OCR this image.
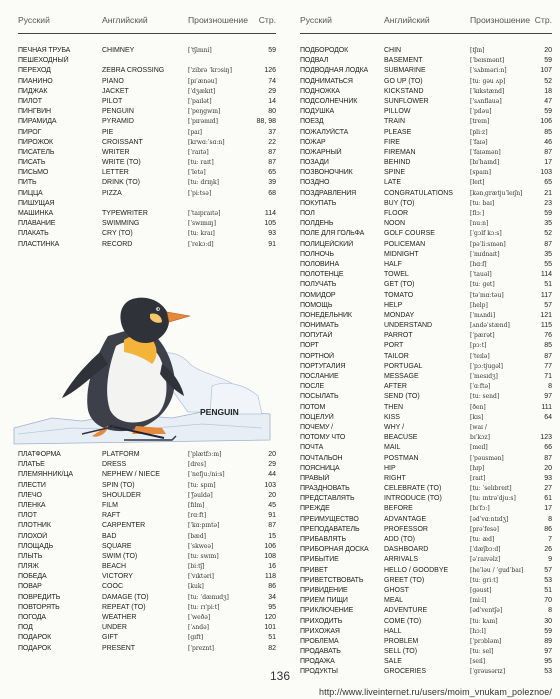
Русский	Английский	Произношение	Стр.
ПЕЧНАЯ ТРУБА	CHIMNEY	[ˈtʃimni]	59
ПЕШЕХОДНЫЙ
ПЕРЕХОД	ZEBRA CROSSING	[ˈzibrə ˈkrɔsiŋ]	126
ПИАНИНО	PIANO	[pɪˈænəu]	74
ПИДЖАК	JACKET	[ˈdʒækɪt]	29
ПИЛОТ	PILOT	[ˈpaɪlət]	14
ПИНГВИН	PENGUIN	[ˈpeŋgwɪn]	80
ПИРАМИДА	PYRAMID	[ˈpɪrəmɪd]	88, 98
ПИРОГ	PIE	[paɪ]	37
ПИРОЖОК	CROISSANT	[krwɑːˈsɑːn]	22
ПИСАТЕЛЬ	WRITER	[ˈraɪtə]	87
ПИСАТЬ	WRITE (TO)	[tuː raɪt]	87
ПИСЬМО	LETTER	[ˈletə]	65
ПИТЬ	DRINK (TO)	[tuː drɪŋk]	39
ПИЦЦА	PIZZA	[ˈpiːtsə]	68
ПИШУЩАЯ
МАШИНКА	TYPEWRITER	[ˈtaɪpraɪtə]	114
ПЛАВАНИЕ	SWIMMING	[ˈswɪmɪŋ]	105
ПЛАКАТЬ	CRY (TO)	[tuː kraɪ]	93
ПЛАСТИНКА	RECORD	[ˈrekɔːd]	91
PENGUIN
ПЛАТФОРМА	PLATFORM	[ˈplætfɔːm]	20
ПЛАТЬЕ	DRESS	[dres]	29
ПЛЕМЯННИК/ЦА	NEPHEW / NIECE	[ˈnefjuː/niːs]	44
ПЛЕСТИ	SPIN (TO)	[tuː spɪn]	103
ПЛЕЧО	SHOULDER	[ˈʃəuldə]	20
ПЛЕНКА	FILM	[fɪlm]	45
ПЛОТ	RAFT	[rɑːft]	91
ПЛОТНИК	CARPENTER	[ˈkɑːpɪntə]	87
ПЛОХОЙ	BAD	[bæd]	15
ПЛОЩАДЬ	SQUARE	[ˈskweə]	106
ПЛЫТЬ	SWIM (TO)	[tuː swɪm]	108
ПЛЯЖ	BEACH	[biːtʃ]	16
ПОБЕДА	VICTORY	[ˈvɪktəri]	118
ПОВАР	COOC	[kuk]	86
ПОВРЕДИТЬ	DAMAGE (TO)	[tuː ˈdæmɪdʒ]	34
ПОВТОРЯТЬ	REPEAT (TO)	[tuː rɪˈpiːt]	95
ПОГОДА	WEATHER	[ˈweðə]	120
ПОД	UNDER	[ˈʌndə]	101
ПОДАРОК	GIFT	[gɪft]	51
ПОДАРОК	PRESENT	[ˈpreznt]	82
Русский	Английский	Произношение Стр.
ПОДБОРОДОК	CHIN	[tʃɪn]	20
ПОДВАЛ	BASEMENT	[ˈbeɪsmənt]	59
ПОДВОДНАЯ ЛОДКА	SUBMARINE	[ˈsʌbməriːn]	107
ПОДНИМАТЬСЯ	GO UP (TO)	[tuː gəu ʌp]	52
ПОДНОЖКА	KICKSTAND	[ˈkɪkstænd]	18
ПОДСОЛНЕЧНИК	SUNFLOWER	[ˈsʌnflauə]	47
ПОДУШКА	PILLOW	[ˈpɪləu]	59
ПОЕЗД	TRAIN	[treɪn]	106
ПОЖАЛУЙСТА	PLEASE	[pliːz]	85
ПОЖАР	FIRE	[ˈfaɪə]	46
ПОЖАРНЫЙ	FIREMAN	[ˈfaɪəmən]	87
ПОЗАДИ	BEHIND	[bɪˈhaɪnd]	17
ПОЗВОНОЧНИК	SPINE	[spaɪn]	103
ПОЗДНО	LATE	[leɪt]	65
ПОЗДРАВЛЕНИЯ	CONGRATULATIONS	[kənˌgrætjuˈleɪʃn]	21
ПОКУПАТЬ	BUY (TO)	[tuː baɪ]	23
ПОЛ	FLOOR	[flɔː]	59
ПОЛДЕНЬ	NOON	[nuːn]	35
ПОЛЕ ДЛЯ ГОЛЬФА	GOLF COURSE	[ˈgɔlf kɔːs]	52
ПОЛИЦЕЙСКИЙ	POLICEMAN	[pəˈliːsmən]	87
ПОЛНОЧЬ	MIDNIGHT	[ˈmɪdnaɪt]	35
ПОЛОВИНА	HALF	[hɑːf]	55
ПОЛОТЕНЦЕ	TOWEL	[ˈtauəl]	114
ПОЛУЧАТЬ	GET (TO)	[tuː get]	51
ПОМИДОР	TOMATO	[təˈmɑːtəu]	117
ПОМОЩЬ	HELP	[help]	57
ПОНЕДЕЛЬНИК	MONDAY	[ˈmʌndi]	121
ПОНИМАТЬ	UNDERSTAND	[ʌndəˈstænd]	115
ПОПУГАЙ	PARROT	[ˈpærət]	76
ПОРТ	PORT	[pɔːt]	85
ПОРТНОЙ	TAILOR	[ˈteɪlə]	87
ПОРТУГАЛИЯ	PORTUGAL	[ˈpɔːtjugəl]	77
ПОСЛАНИЕ	MESSAGE	[ˈmesɪdʒ]	71
ПОСЛЕ	AFTER	[ˈɑːftə]	8
ПОСЫЛАТЬ	SEND (TO)	[tuː send]	97
ПОТОМ	THEN	[ðen]	111
ПОЦЕЛУЙ	KISS	[kɪs]	64
ПОЧЕМУ /	WHY /	[waɪ /
ПОТОМУ ЧТО	BEACUSE	bɪˈkɔz]	123
ПОЧТА	MAIL	[meɪl]	66
ПОЧТАЛЬОН	POSTMAN	[ˈpəusmən]	87
ПОЯСНИЦА	HIP	[hɪp]	20
ПРАВЫЙ	RIGHT	[raɪt]	93
ПРАЗДНОВАТЬ	CELEBRATE (TO)	[tuː ˈselɪbreɪt]	27
ПРЕДСТАВЛЯТЬ	INTRODUCE (TO)	[tuː ɪntrəˈdjuːs]	61
ПРЕЖДЕ	BEFORE	[bɪˈfɔː]	17
ПРЕИМУЩЕСТВО	ADVANTAGE	[ədˈvɑːntɪdʒ]	8
ПРЕПОДАВАТЕЛЬ	PROFESSOR	[prəˈfesə]	86
ПРИБАВЛЯТЬ	ADD (TO)	[tuː æd]	7
ПРИБОРНАЯ ДОСКА	DASHBOARD	[ˈdæʃbɔːd]	26
ПРИБЫТИЕ	ARRIVALS	[əˈraɪvəlz]	9
ПРИВЕТ	HELLO / GOODBYE	[heˈləu / ˈgudˈbaɪ]	57
ПРИВЕТСТВОВАТЬ	GREET (TO)	[tuː griːt]	53
ПРИВИДЕНИЕ	GHOST	[gəust]	51
ПРИЕМ ПИЩИ	MEAL	[miːl]	70
ПРИКЛЮЧЕНИЕ	ADVENTURE	[ədˈventʃə]	8
ПРИХОДИТЬ	COME (TO)	[tuː kʌm]	30
ПРИХОЖАЯ	HALL	[hɔːl]	59
ПРОБЛЕМА	PROBLEM	[ˈprɔbləm]	89
ПРОДАВАТЬ	SELL (TO)	[tuː sel]	97
ПРОДАЖА	SALE	[seɪl]	95
ПРОДУКТЫ	GROCERIES	[ˈgrəusərɪz]	53
136
http://www.liveinternet.ru/users/moim_vnukam_poleznoe/
